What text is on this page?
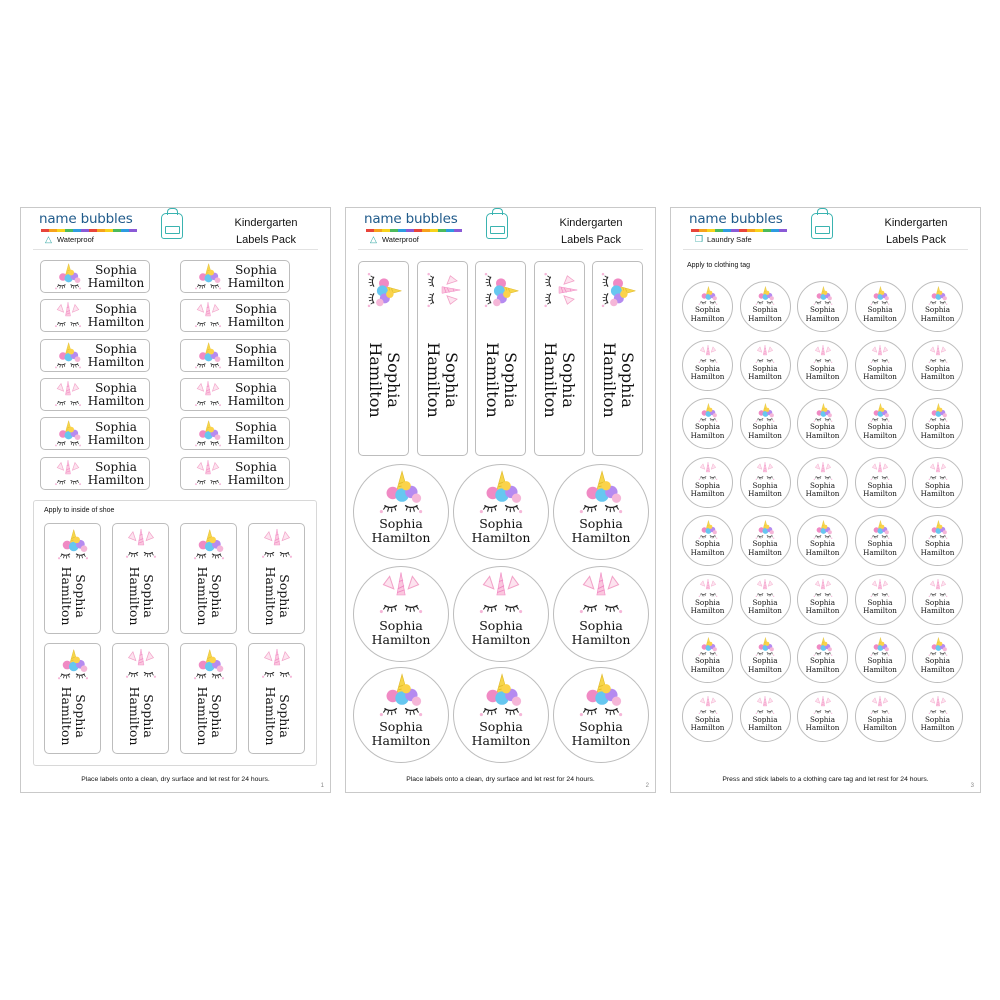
name bubbles
△ Waterproof
Kindergarten
Labels Pack
Sophia
Hamilton
Sophia
Hamilton
Sophia
Hamilton
Sophia
Hamilton
Sophia
Hamilton
Sophia
Hamilton
Sophia
Hamilton
Sophia
Hamilton
Sophia
Hamilton
Sophia
Hamilton
Sophia
Hamilton
Sophia
Hamilton
Apply to inside of shoe
Sophia
Hamilton	Sophia
Hamilton	Sophia
Hamilton	Sophia
Hamilton
Sophia
Hamilton	Sophia
Hamilton	Sophia
Hamilton	Sophia
Hamilton
Place labels onto a clean, dry surface and let rest for 24 hours.
1
name bubbles
△ Waterproof
Kindergarten
Labels Pack
Sophia
Hamilton	Sophia
Hamilton	Sophia
Hamilton	Sophia
Hamilton	Sophia
Hamilton
Sophia
Hamilton
Sophia
Hamilton
Sophia
Hamilton
Sophia
Hamilton
Sophia
Hamilton
Sophia
Hamilton
Sophia
Hamilton
Sophia
Hamilton
Sophia
Hamilton
Place labels onto a clean, dry surface and let rest for 24 hours.
2
name bubbles
❐ Laundry Safe
Kindergarten
Labels Pack
Apply to clothing tag
Sophia
Hamilton
Sophia
Hamilton
Sophia
Hamilton
Sophia
Hamilton
Sophia
Hamilton
Sophia
Hamilton
Sophia
Hamilton
Sophia
Hamilton
Sophia
Hamilton
Sophia
Hamilton
Sophia
Hamilton
Sophia
Hamilton
Sophia
Hamilton
Sophia
Hamilton
Sophia
Hamilton
Sophia
Hamilton
Sophia
Hamilton
Sophia
Hamilton
Sophia
Hamilton
Sophia
Hamilton
Sophia
Hamilton
Sophia
Hamilton
Sophia
Hamilton
Sophia
Hamilton
Sophia
Hamilton
Sophia
Hamilton
Sophia
Hamilton
Sophia
Hamilton
Sophia
Hamilton
Sophia
Hamilton
Sophia
Hamilton
Sophia
Hamilton
Sophia
Hamilton
Sophia
Hamilton
Sophia
Hamilton
Sophia
Hamilton
Sophia
Hamilton
Sophia
Hamilton
Sophia
Hamilton
Sophia
Hamilton
Press and stick labels to a clothing care tag and let rest for 24 hours.
3
